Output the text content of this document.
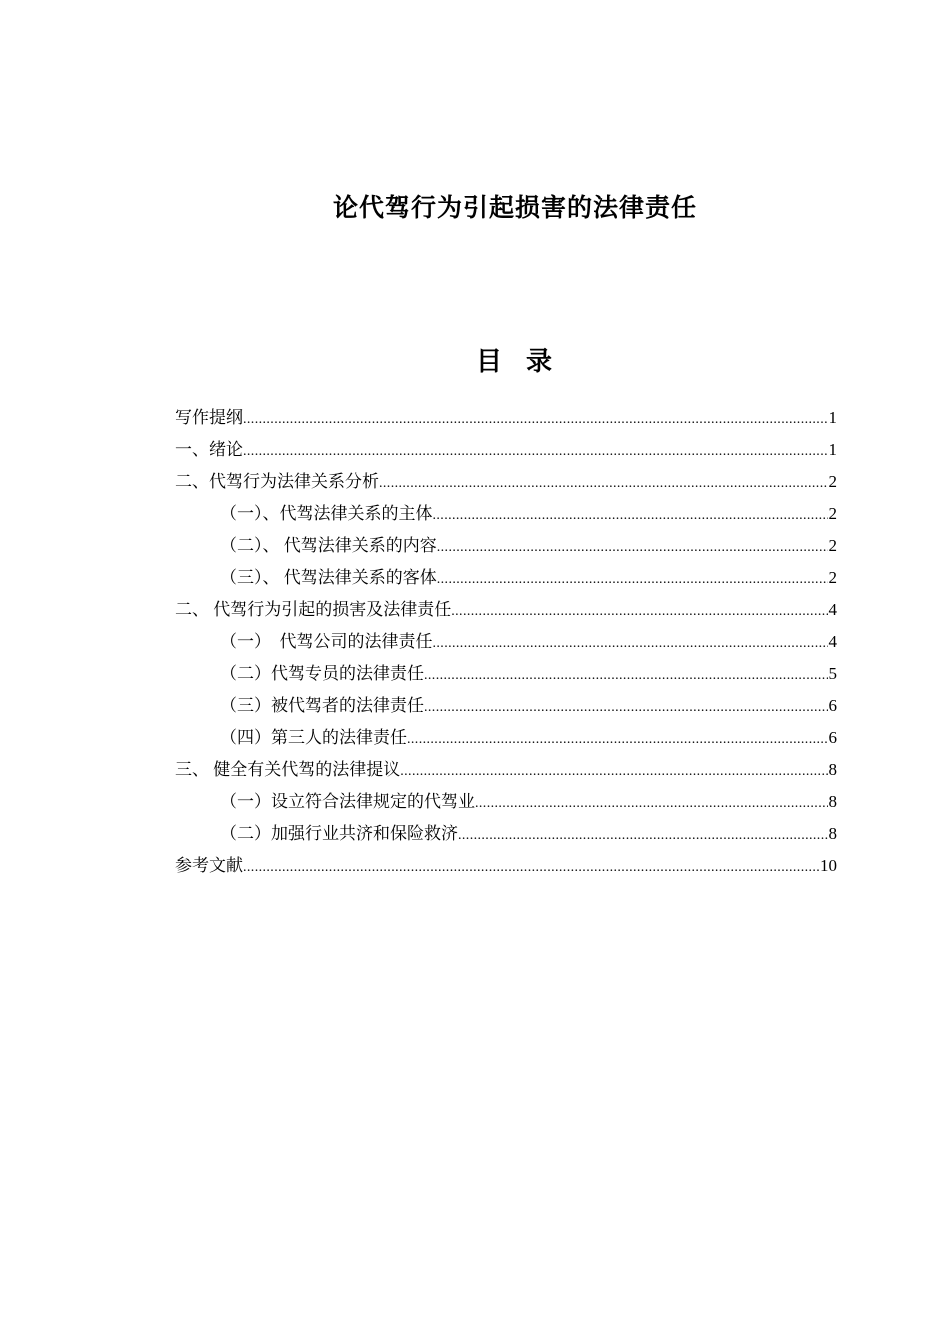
论代驾行为引起损害的法律责任
目  录
写作提纲 .....	1
一、绪论 .....	1
二、代驾行为法律关系分析 .....	2
（一）、代驾法律关系的主体 .....	2
（二）、 代驾法律关系的内容 .....	2
（三）、 代驾法律关系的客体 .....	2
二、 代驾行为引起的损害及法律责任 .....	4
（一）  代驾公司的法律责任 .....	4
（二）代驾专员的法律责任 .....	5
（三）被代驾者的法律责任 .....	6
（四）第三人的法律责任 .....	6
三、 健全有关代驾的法律提议 .....	8
（一）设立符合法律规定的代驾业 .....	8
（二）加强行业共济和保险救济 .....	8
参考文献 .....	10
